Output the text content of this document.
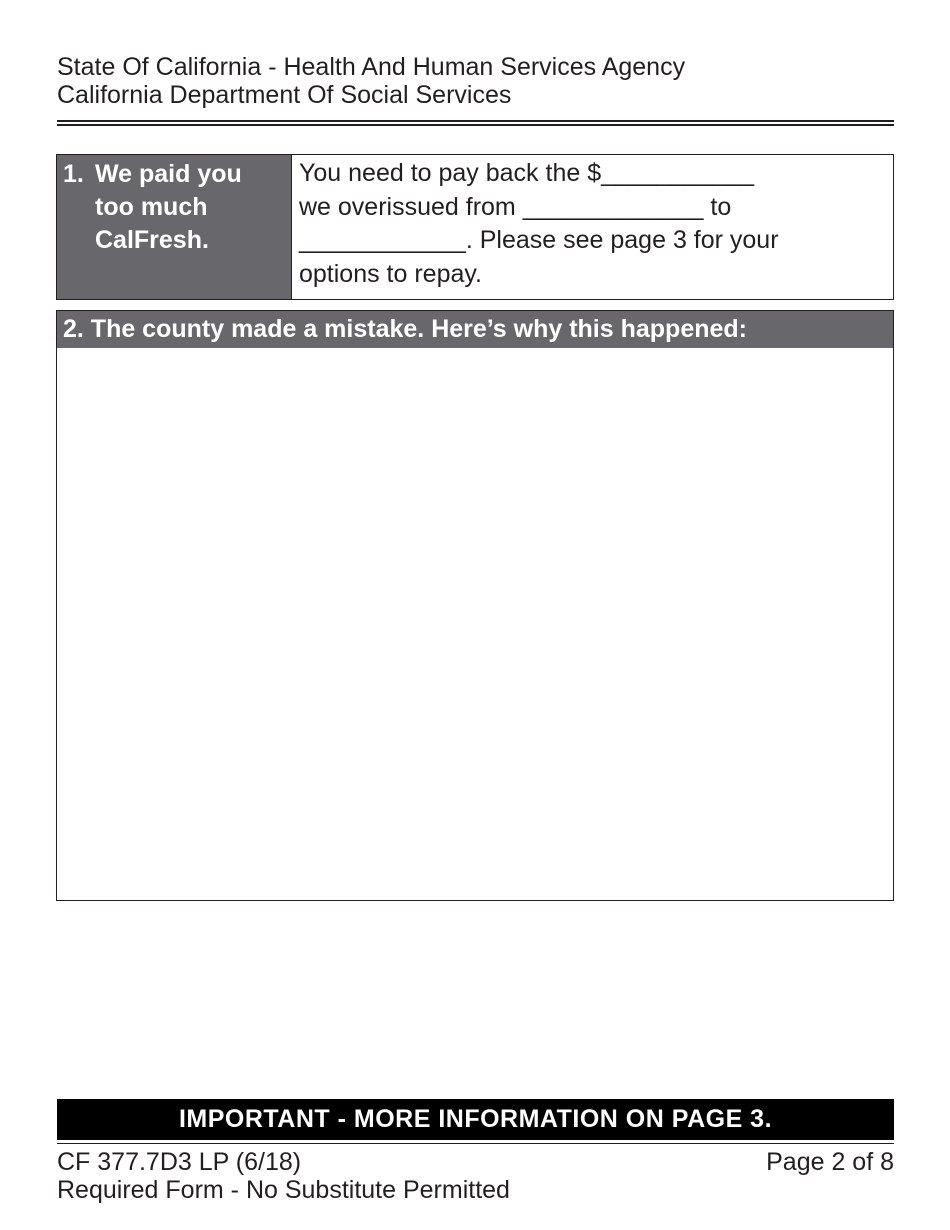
State Of California - Health And Human Services Agency
California Department Of Social Services
1. We paid you
too much
CalFresh.
You need to pay back the $___________
we overissued from _____________ to
____________. Please see page 3 for your
options to repay.
2. The county made a mistake. Here’s why this happened:
IMPORTANT - MORE INFORMATION ON PAGE 3.
CF 377.7D3 LP (6/18)
Required Form - No Substitute Permitted
Page 2 of 8
